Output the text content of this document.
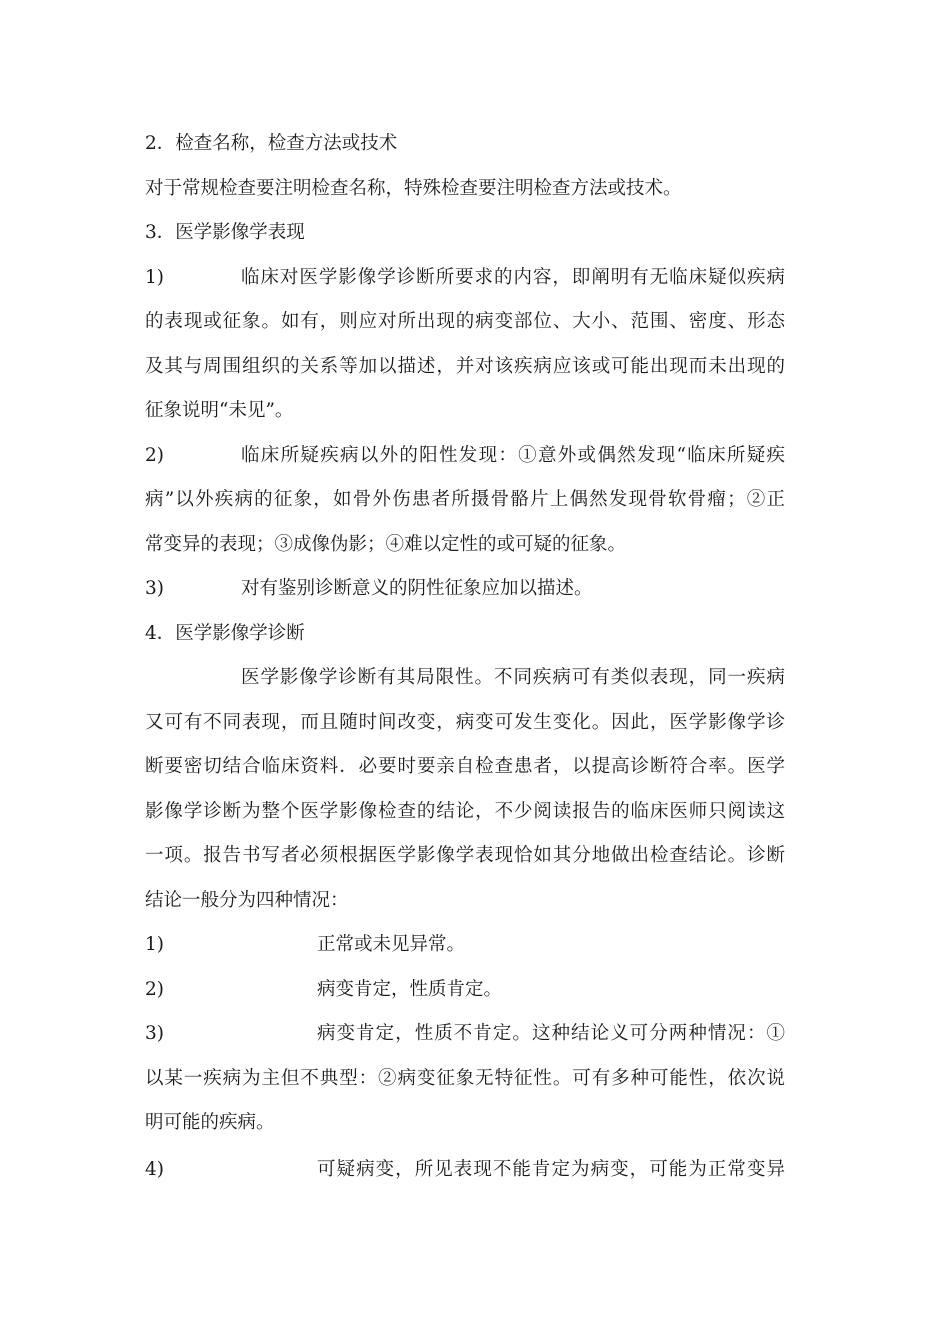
2．检查名称，检查方法或技术
对于常规检查要注明检查名称，特殊检查要注明检查方法或技术。
3．医学影像学表现
1)	临床对医学影像学诊断所要求的内容，即阐明有无临床疑似疾病
的表现或征象。如有，则应对所出现的病变部位、大小、范围、密度、形态
及其与周围组织的关系等加以描述，并对该疾病应该或可能出现而未出现的
征象说明“未见”。
2)	临床所疑疾病以外的阳性发现：①意外或偶然发现“临床所疑疾
病”以外疾病的征象，如骨外伤患者所摄骨骼片上偶然发现骨软骨瘤；②正
常变异的表现；③成像伪影；④难以定性的或可疑的征象。
3)	对有鉴别诊断意义的阴性征象应加以描述。
4．医学影像学诊断
医学影像学诊断有其局限性。不同疾病可有类似表现，同一疾病
又可有不同表现，而且随时间改变，病变可发生变化。因此，医学影像学诊
断要密切结合临床资料．必要时要亲自检查患者，以提高诊断符合率。医学
影像学诊断为整个医学影像检查的结论，不少阅读报告的临床医师只阅读这
一项。报告书写者必须根据医学影像学表现恰如其分地做出检查结论。诊断
结论一般分为四种情况：
1)	正常或未见异常。
2)	病变肯定，性质肯定。
3)	病变肯定，性质不肯定。这种结论义可分两种情况：①
以某一疾病为主但不典型：②病变征象无特征性。可有多种可能性，依次说
明可能的疾病。
4)	可疑病变，所见表现不能肯定为病变，可能为正常变异
